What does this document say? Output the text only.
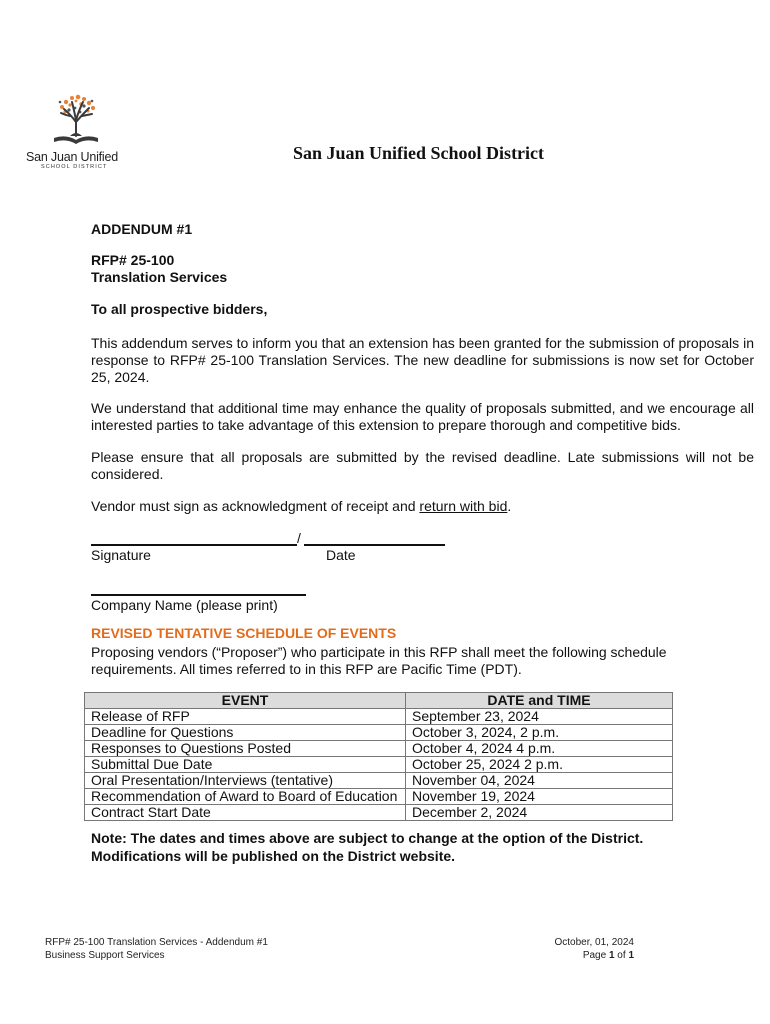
San Juan Unified
SCHOOL DISTRICT
San Juan Unified School District
ADDENDUM #1
RFP# 25-100
Translation Services
To all prospective bidders,
This addendum serves to inform you that an extension has been granted for the submission of proposals in response to RFP# 25-100 Translation Services. The new deadline for submissions is now set for October 25, 2024.
We understand that additional time may enhance the quality of proposals submitted, and we encourage all interested parties to take advantage of this extension to prepare thorough and competitive bids.
Please ensure that all proposals are submitted by the revised deadline. Late submissions will not be considered.
Vendor must sign as acknowledgment of receipt and return with bid.
/
Signature	Date
Company Name (please print)
REVISED TENTATIVE SCHEDULE OF EVENTS
Proposing vendors (“Proposer”) who participate in this RFP shall meet the following schedule
requirements. All times referred to in this RFP are Pacific Time (PDT).
EVENT	DATE and TIME
Release of RFP	September 23, 2024
Deadline for Questions	October 3, 2024, 2 p.m.
Responses to Questions Posted	October 4, 2024 4 p.m.
Submittal Due Date	October 25, 2024 2 p.m.
Oral Presentation/Interviews (tentative)	November 04, 2024
Recommendation of Award to Board of Education	November 19, 2024
Contract Start Date	December 2, 2024
Note: The dates and times above are subject to change at the option of the District.
Modifications will be published on the District website.
RFP# 25-100 Translation Services - Addendum #1
Business Support Services
October, 01, 2024
Page 1 of 1
